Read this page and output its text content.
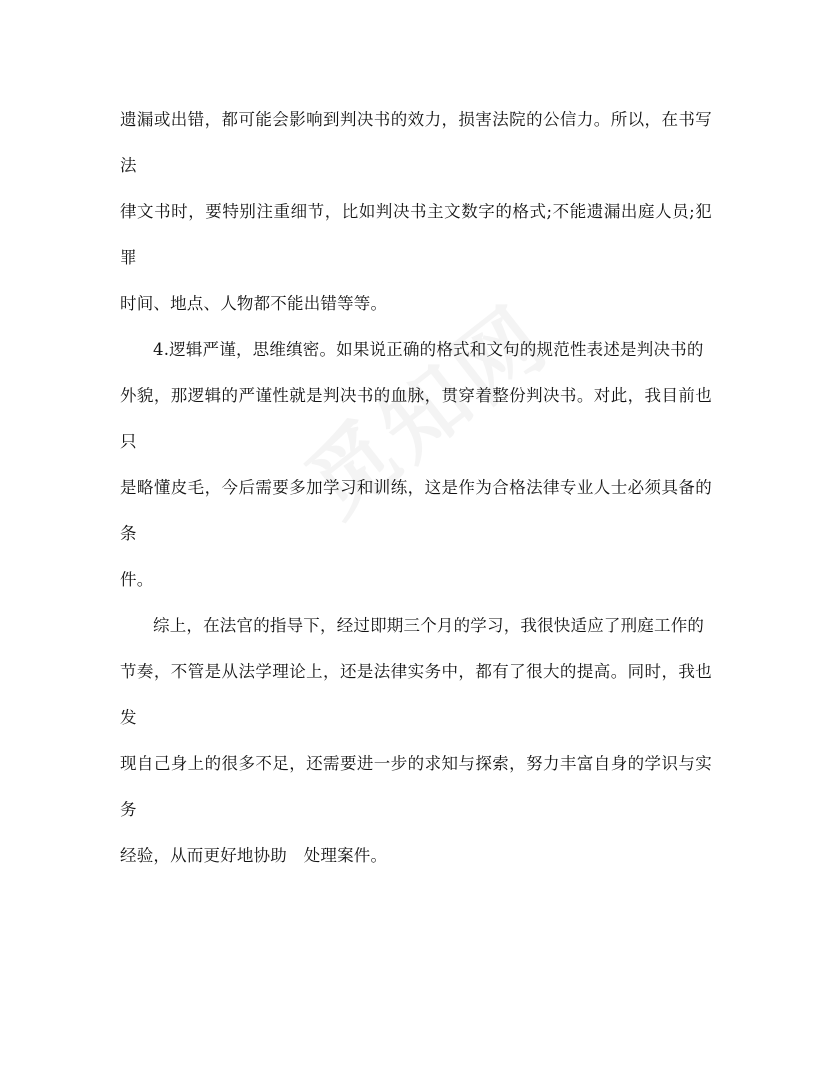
遗漏或出错，都可能会影响到判决书的效力，损害法院的公信力。所以，在书写法
律文书时，要特别注重细节，比如判决书主文数字的格式;不能遗漏出庭人员;犯罪
时间、地点、人物都不能出错等等。

4.逻辑严谨，思维缜密。如果说正确的格式和文句的规范性表述是判决书的
外貌，那逻辑的严谨性就是判决书的血脉，贯穿着整份判决书。对此，我目前也只
是略懂皮毛，今后需要多加学习和训练，这是作为合格法律专业人士必须具备的条
件。

综上，在法官的指导下，经过即期三个月的学习，我很快适应了刑庭工作的
节奏，不管是从法学理论上，还是法律实务中，都有了很大的提高。同时，我也发
现自己身上的很多不足，还需要进一步的求知与探索，努力丰富自身的学识与实务
经验，从而更好地协助　处理案件。
